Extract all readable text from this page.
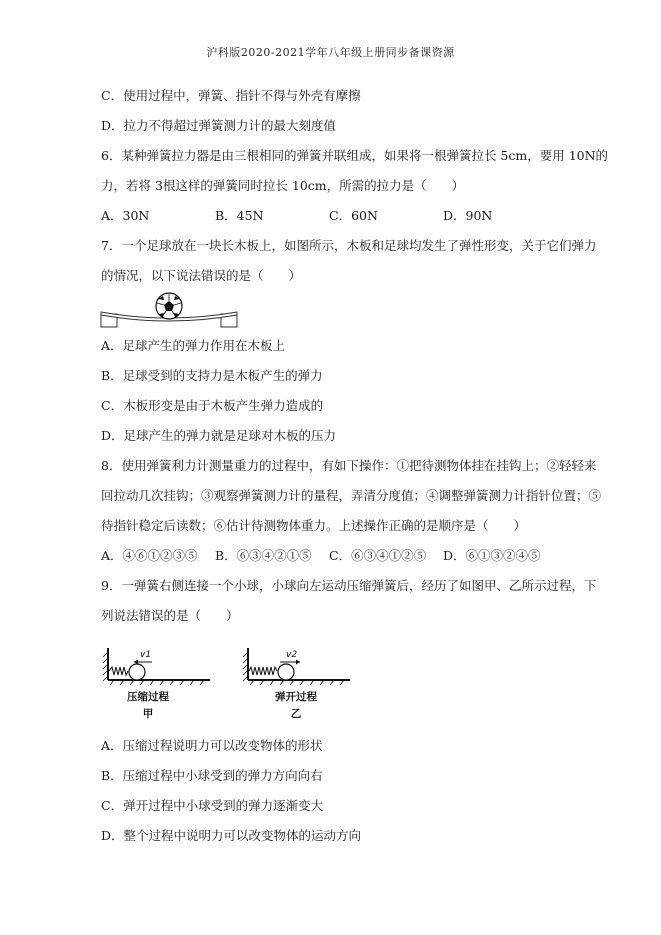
沪科版2020-2021学年八年级上册同步备课资源
C．使用过程中，弹簧、指针不得与外壳有摩擦
D．拉力不得超过弹簧测力计的最大刻度值
6．某种弹簧拉力器是由三根相同的弹簧并联组成，如果将一根弹簧拉长 5cm，要用 10N的
力，若将 3根这样的弹簧同时拉长 10cm，所需的拉力是（　　）
A．30N	B．45N	C．60N	D．90N
7．一个足球放在一块长木板上，如图所示，木板和足球均发生了弹性形变，关于它们弹力
的情况，以下说法错误的是（　　）
A．足球产生的弹力作用在木板上
B．足球受到的支持力是木板产生的弹力
C．木板形变是由于木板产生弹力造成的
D．足球产生的弹力就是足球对木板的压力
8．使用弹簧利力计测量重力的过程中，有如下操作：①把待测物体挂在挂钩上；②轻轻来
回拉动几次挂钩；③观察弹簧测力计的量程，弄清分度值；④调整弹簧测力计指针位置；⑤
待指针稳定后读数；⑥估计待测物体重力。上述操作正确的是顺序是（　　）
A．④⑥①②③⑤ B．⑥③④②①⑤ C．⑥③④①②⑤ D．⑥①③②④⑤
9．一弹簧右侧连接一个小球，小球向左运动压缩弹簧后，经历了如图甲、乙所示过程，下
列说法错误的是（　　）
v1
压缩过程
甲
v2
弹开过程
乙
A．压缩过程说明力可以改变物体的形状
B．压缩过程中小球受到的弹力方向向右
C．弹开过程中小球受到的弹力逐渐变大
D．整个过程中说明力可以改变物体的运动方向
